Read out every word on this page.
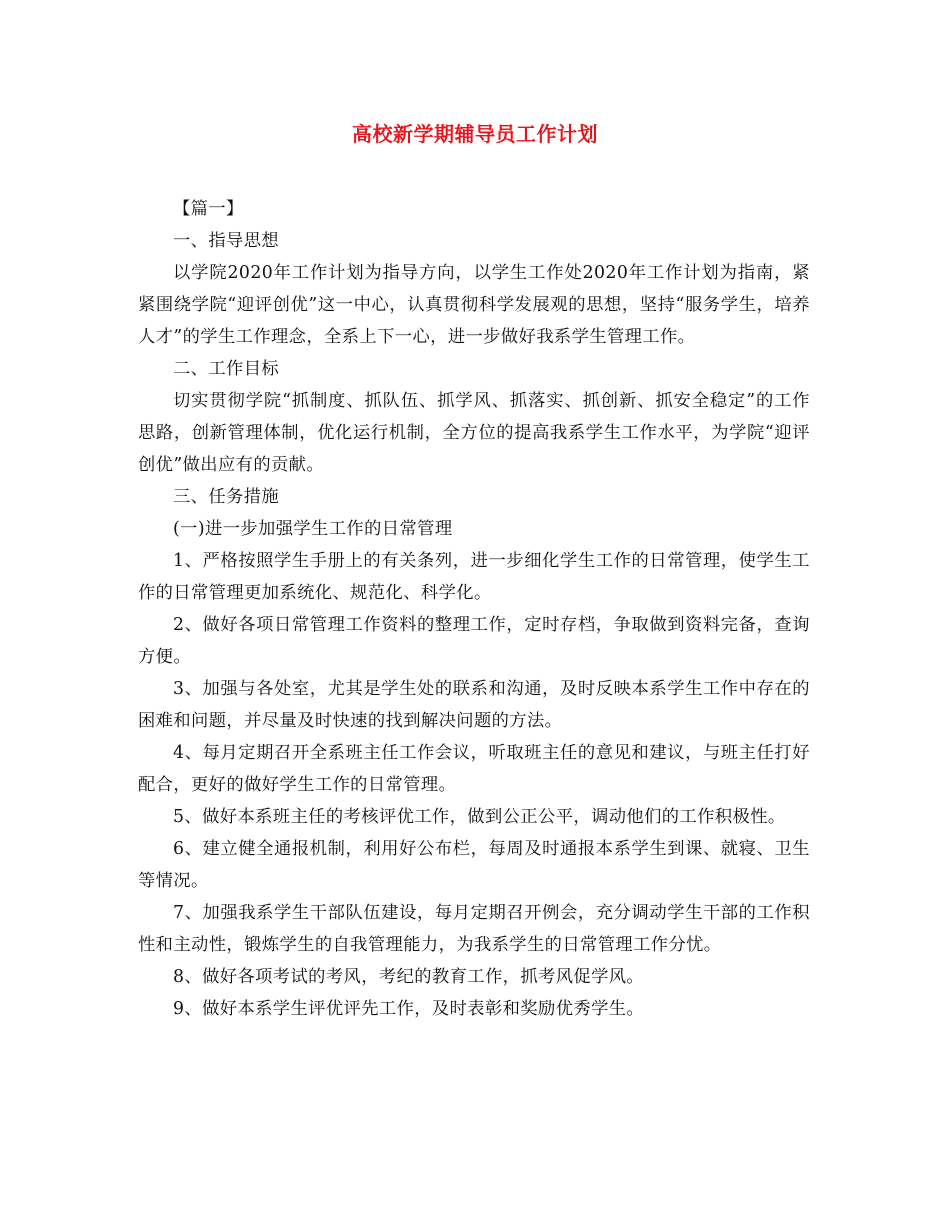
高校新学期辅导员工作计划

【篇一】

一、指导思想

以学院2020年工作计划为指导方向，以学生工作处2020年工作计划为指南，紧紧围绕学院“迎评创优”这一中心，认真贯彻科学发展观的思想，坚持“服务学生，培养人才”的学生工作理念，全系上下一心，进一步做好我系学生管理工作。

二、工作目标

切实贯彻学院“抓制度、抓队伍、抓学风、抓落实、抓创新、抓安全稳定”的工作思路，创新管理体制，优化运行机制，全方位的提高我系学生工作水平，为学院“迎评创优”做出应有的贡献。

三、任务措施

(一)进一步加强学生工作的日常管理

1、严格按照学生手册上的有关条列，进一步细化学生工作的日常管理，使学生工作的日常管理更加系统化、规范化、科学化。

2、做好各项日常管理工作资料的整理工作，定时存档，争取做到资料完备，查询方便。

3、加强与各处室，尤其是学生处的联系和沟通，及时反映本系学生工作中存在的困难和问题，并尽量及时快速的找到解决问题的方法。

4、每月定期召开全系班主任工作会议，听取班主任的意见和建议，与班主任打好配合，更好的做好学生工作的日常管理。

5、做好本系班主任的考核评优工作，做到公正公平，调动他们的工作积极性。

6、建立健全通报机制，利用好公布栏，每周及时通报本系学生到课、就寝、卫生等情况。

7、加强我系学生干部队伍建设，每月定期召开例会，充分调动学生干部的工作积性和主动性，锻炼学生的自我管理能力，为我系学生的日常管理工作分忧。

8、做好各项考试的考风，考纪的教育工作，抓考风促学风。

9、做好本系学生评优评先工作，及时表彰和奖励优秀学生。
